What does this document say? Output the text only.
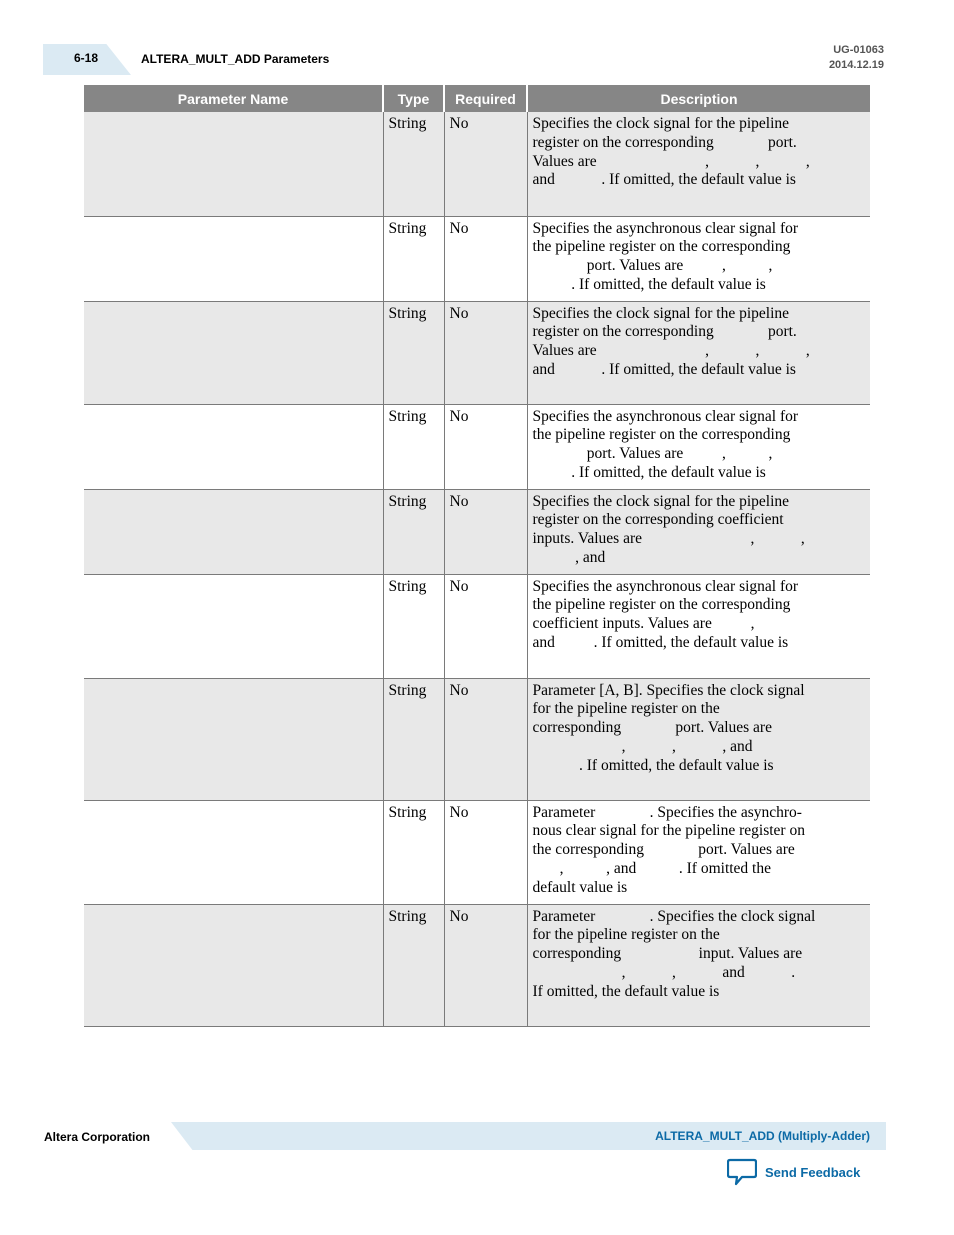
6-18	ALTERA_MULT_ADD Parameters
UG-01063
2014.12.19
Parameter Name	Type	Required	Description
	String	No	Specifies the clock signal for the pipeline
register on the corresponding              port.
Values are                            ,            ,            ,
and            . If omitted, the default value is

	String	No	Specifies the asynchronous clear signal for
the pipeline register on the corresponding
port. Values are          ,           ,
. If omitted, the default value is

	String	No	Specifies the clock signal for the pipeline
register on the corresponding              port.
Values are                            ,            ,            ,
and            . If omitted, the default value is

	String	No	Specifies the asynchronous clear signal for
the pipeline register on the corresponding
port. Values are          ,           ,
. If omitted, the default value is

	String	No	Specifies the clock signal for the pipeline
register on the corresponding coefficient
inputs. Values are                            ,            ,
, and

	String	No	Specifies the asynchronous clear signal for
the pipeline register on the corresponding
coefficient inputs. Values are          ,
and          . If omitted, the default value is

	String	No	Parameter [A, B]. Specifies the clock signal
for the pipeline register on the
corresponding              port. Values are
,            ,            , and
. If omitted, the default value is

	String	No	Parameter              . Specifies the asynchro-
nous clear signal for the pipeline register on
the corresponding              port. Values are
,           , and           . If omitted the
default value is

	String	No	Parameter              . Specifies the clock signal
for the pipeline register on the
corresponding                    input. Values are
,            ,            and            .
If omitted, the default value is
Altera Corporation	ALTERA_MULT_ADD (Multiply-Adder)
Send Feedback
